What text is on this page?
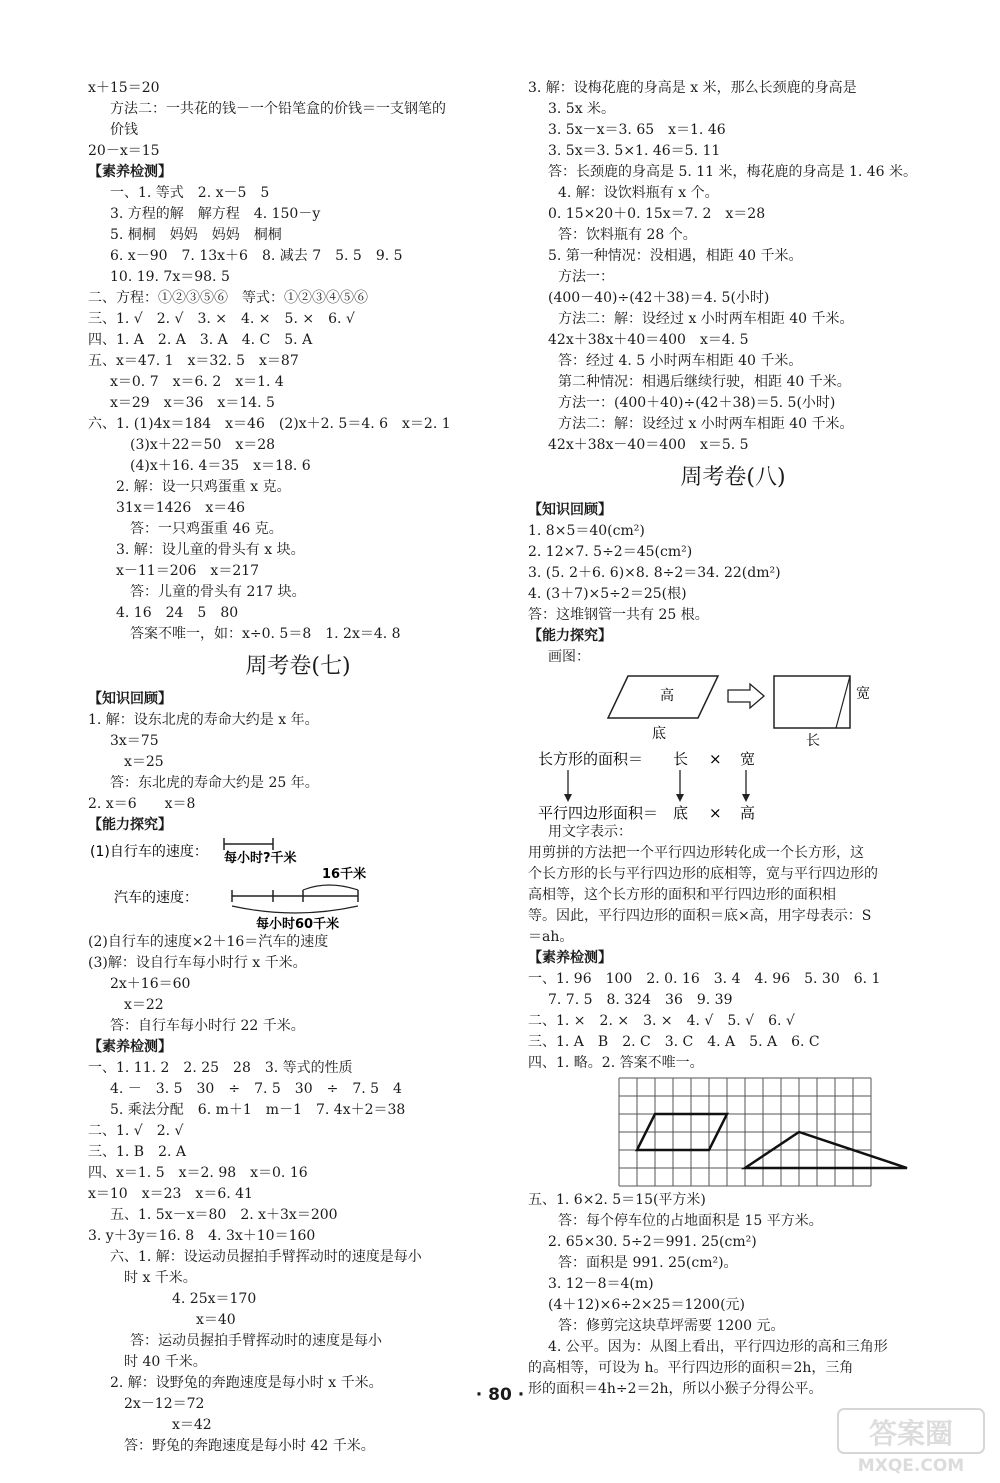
x＋15＝20
方法二：一共花的钱－一个铅笔盒的价钱＝一支钢笔的
价钱
20－x＝15
【素养检测】
一、1. 等式　2. x－5　5
3. 方程的解　解方程　4. 150－y
5. 桐桐　妈妈　妈妈　桐桐
6. x－90　7. 13x＋6　8. 减去 7　5. 5　9. 5
10. 19. 7x＝98. 5
二、方程：①②③⑤⑥　等式：①②③④⑤⑥
三、1. √　2. √　3. ×　4. ×　5. ×　6. √
四、1. A　2. A　3. A　4. C　5. A
五、x＝47. 1　x＝32. 5　x＝87
x＝0. 7　x＝6. 2　x＝1. 4
x＝29　x＝36　x＝14. 5
六、1. (1)4x＝184　x＝46　(2)x＋2. 5＝4. 6　x＝2. 1
(3)x＋22＝50　x＝28
(4)x＋16. 4＝35　x＝18. 6
2. 解：设一只鸡蛋重 x 克。
31x＝1426　x＝46
答：一只鸡蛋重 46 克。
3. 解：设儿童的骨头有 x 块。
x－11＝206　x＝217
答：儿童的骨头有 217 块。
4. 16　24　5　80
答案不唯一，如：x÷0. 5＝8　1. 2x＝4. 8
周考卷(七)
【知识回顾】
1. 解：设东北虎的寿命大约是 x 年。
3x＝75
x＝25
答：东北虎的寿命大约是 25 年。
2. x＝6　　x＝8
【能力探究】
(1)自行车的速度： 每小时?千米
16千米
汽车的速度：
每小时60千米
(2)自行车的速度×2＋16＝汽车的速度
(3)解：设自行车每小时行 x 千米。
2x＋16＝60
x＝22
答：自行车每小时行 22 千米。
【素养检测】
一、1. 11. 2　2. 25　28　3. 等式的性质
4. －　3. 5　30　÷　7. 5　30　÷　7. 5　4
5. 乘法分配　6. m＋1　m－1　7. 4x＋2＝38
二、1. √　2. √
三、1. B　2. A
四、x＝1. 5　x＝2. 98　x＝0. 16
x＝10　x＝23　x＝6. 41
五、1. 5x－x＝80　2. x＋3x＝200
3. y＋3y＝16. 8　4. 3x＋10＝160
六、1. 解：设运动员握拍手臂挥动时的速度是每小
时 x 千米。
4. 25x＝170
x＝40
答：运动员握拍手臂挥动时的速度是每小
时 40 千米。
2. 解：设野兔的奔跑速度是每小时 x 千米。
2x－12＝72
x＝42
答：野兔的奔跑速度是每小时 42 千米。
3. 解：设梅花鹿的身高是 x 米，那么长颈鹿的身高是
3. 5x 米。
3. 5x－x＝3. 65　x＝1. 46
3. 5x＝3. 5×1. 46＝5. 11
答：长颈鹿的身高是 5. 11 米，梅花鹿的身高是 1. 46 米。
4. 解：设饮料瓶有 x 个。
0. 15×20＋0. 15x＝7. 2　x＝28
答：饮料瓶有 28 个。
5. 第一种情况：没相遇，相距 40 千米。
方法一：
(400－40)÷(42＋38)＝4. 5(小时)
方法二：解：设经过 x 小时两车相距 40 千米。
42x＋38x＋40＝400　x＝4. 5
答：经过 4. 5 小时两车相距 40 千米。
第二种情况：相遇后继续行驶，相距 40 千米。
方法一：(400＋40)÷(42＋38)＝5. 5(小时)
方法二：解：设经过 x 小时两车相距 40 千米。
42x＋38x－40＝400　x＝5. 5
周考卷(八)
【知识回顾】
1. 8×5＝40(cm²)
2. 12×7. 5÷2＝45(cm²)
3. (5. 2＋6. 6)×8. 8÷2＝34. 22(dm²)
4. (3＋7)×5÷2＝25(根)
答：这堆钢管一共有 25 根。
【能力探究】
画图：
高
底
宽
长
长方形的面积＝ 长 × 宽
平行四边形面积＝ 底 × 高
用文字表示：
用剪拼的方法把一个平行四边形转化成一个长方形，这
个长方形的长与平行四边形的底相等，宽与平行四边形的
高相等，这个长方形的面积和平行四边形的面积相
等。因此，平行四边形的面积＝底×高，用字母表示：S
＝ah。
【素养检测】
一、1. 96　100　2. 0. 16　3. 4　4. 96　5. 30　6. 1
7. 7. 5　8. 324　36　9. 39
二、1. ×　2. ×　3. ×　4. √　5. √　6. √
三、1. A　B　2. C　3. C　4. A　5. A　6. C
四、1. 略。2. 答案不唯一。
五、1. 6×2. 5＝15(平方米)
答：每个停车位的占地面积是 15 平方米。
2. 65×30. 5÷2＝991. 25(cm²)
答：面积是 991. 25(cm²)。
3. 12－8＝4(m)
(4＋12)×6÷2×25＝1200(元)
答：修剪完这块草坪需要 1200 元。
4. 公平。因为：从图上看出，平行四边形的高和三角形
的高相等，可设为 h。平行四边形的面积＝2h，三角
形的面积＝4h÷2＝2h，所以小猴子分得公平。
· 80 ·
答案圈
MXQE.COM
